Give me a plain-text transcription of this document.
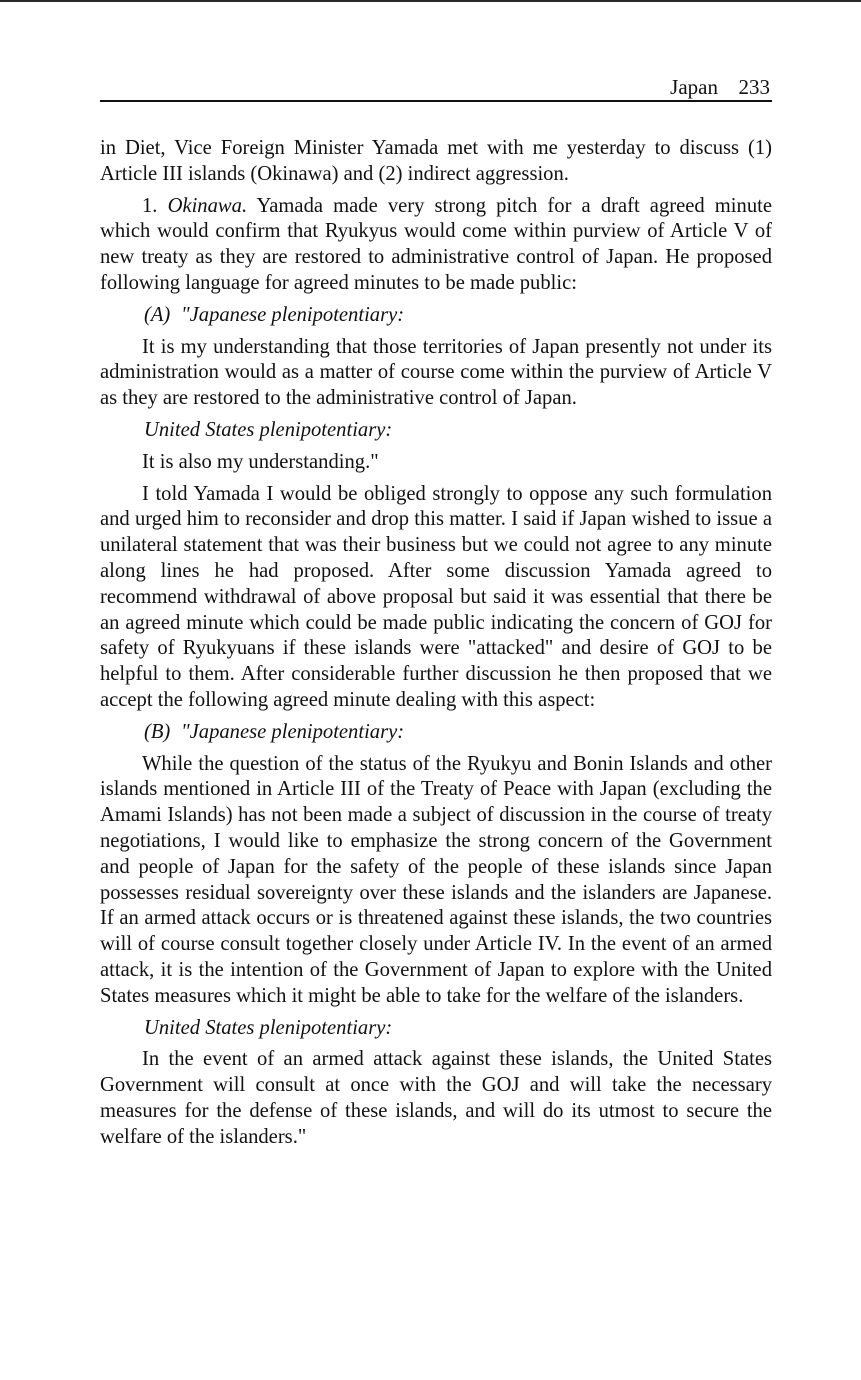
Japan 233

in Diet, Vice Foreign Minister Yamada met with me yesterday to discuss (1) Article III islands (Okinawa) and (2) indirect aggression.

1. Okinawa. Yamada made very strong pitch for a draft agreed minute which would confirm that Ryukyus would come within purview of Article V of new treaty as they are restored to administrative control of Japan. He proposed following language for agreed minutes to be made public:

(A) "Japanese plenipotentiary:

It is my understanding that those territories of Japan presently not under its administration would as a matter of course come within the purview of Article V as they are restored to the administrative control of Japan.

United States plenipotentiary:

It is also my understanding."

I told Yamada I would be obliged strongly to oppose any such formulation and urged him to reconsider and drop this matter. I said if Japan wished to issue a unilateral statement that was their business but we could not agree to any minute along lines he had proposed. After some discussion Yamada agreed to recommend withdrawal of above proposal but said it was essential that there be an agreed minute which could be made public indicating the concern of GOJ for safety of Ryukyuans if these islands were "attacked" and desire of GOJ to be helpful to them. After considerable further discussion he then proposed that we accept the following agreed minute dealing with this aspect:

(B) "Japanese plenipotentiary:

While the question of the status of the Ryukyu and Bonin Islands and other islands mentioned in Article III of the Treaty of Peace with Japan (excluding the Amami Islands) has not been made a subject of discussion in the course of treaty negotiations, I would like to emphasize the strong concern of the Government and people of Japan for the safety of the people of these islands since Japan possesses residual sovereignty over these islands and the islanders are Japanese. If an armed attack occurs or is threatened against these islands, the two countries will of course consult together closely under Article IV. In the event of an armed attack, it is the intention of the Government of Japan to explore with the United States measures which it might be able to take for the welfare of the islanders.

United States plenipotentiary:

In the event of an armed attack against these islands, the United States Government will consult at once with the GOJ and will take the necessary measures for the defense of these islands, and will do its utmost to secure the welfare of the islanders."
